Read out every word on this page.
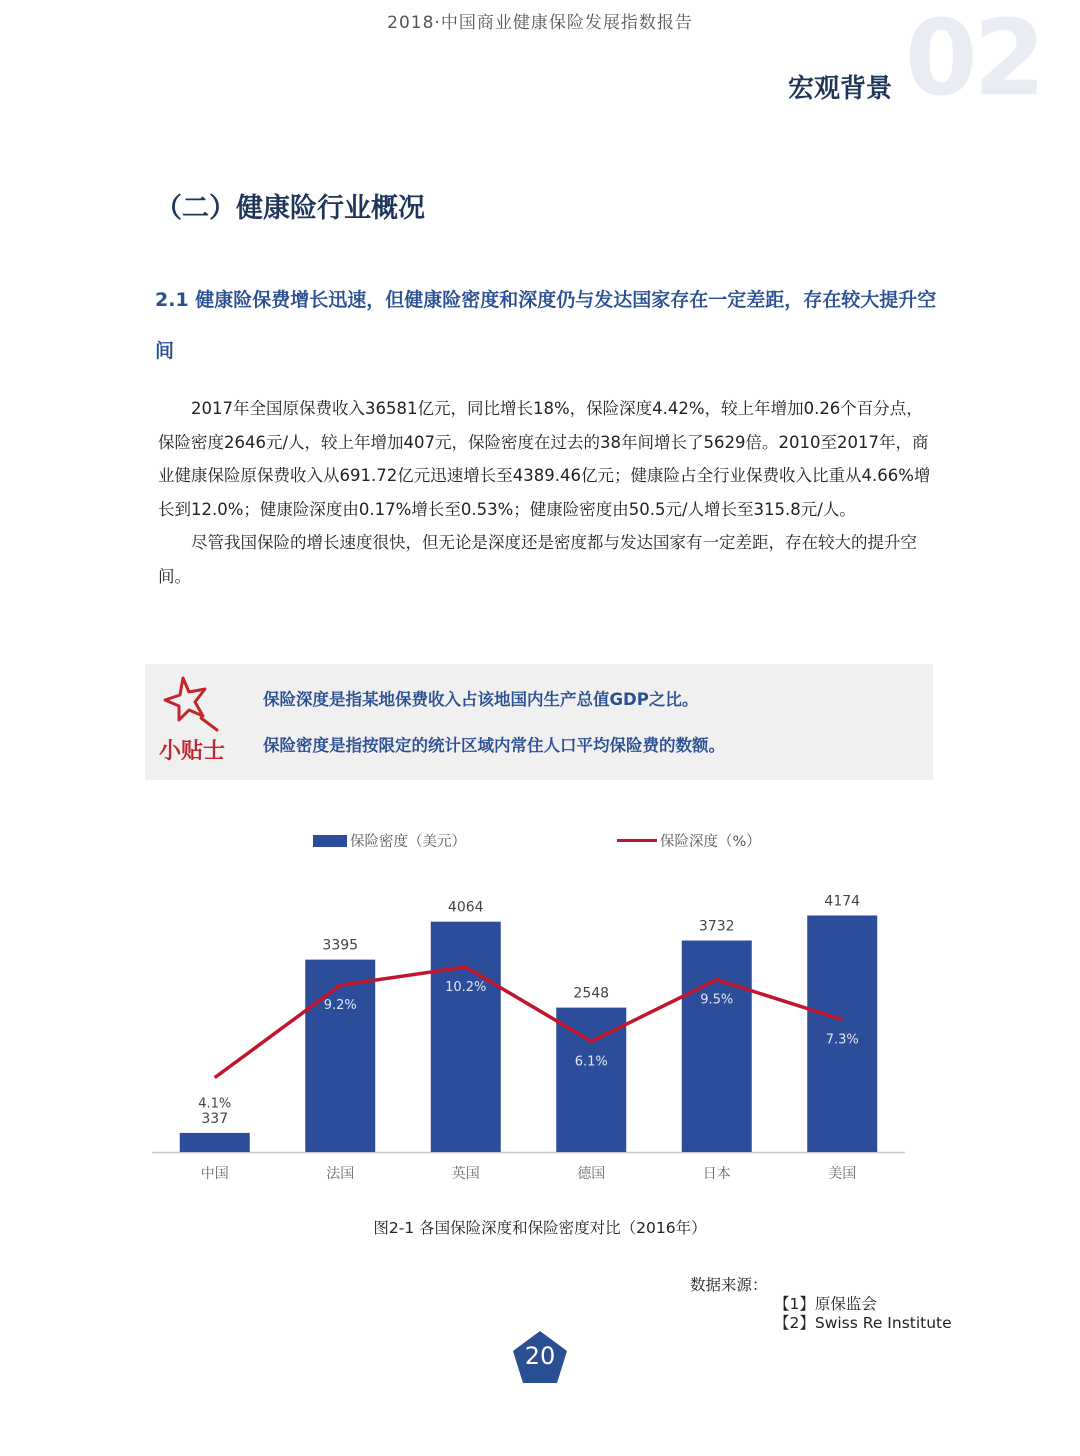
2018·中国商业健康保险发展指数报告	02
宏观背景
（二）健康险行业概况
2.1 健康险保费增长迅速，但健康险密度和深度仍与发达国家存在一定差距，存在较大提升空间

2017年全国原保费收入36581亿元，同比增长18%，保险深度4.42%，较上年增加0.26个百分点，保险密度2646元/人，较上年增加407元，保险密度在过去的38年间增长了5629倍。2010至2017年，商业健康保险原保费收入从691.72亿元迅速增长至4389.46亿元；健康险占全行业保费收入比重从4.66%增长到12.0%；健康险深度由0.17%增长至0.53%；健康险密度由50.5元/人增长至315.8元/人。

尽管我国保险的增长速度很快，但无论是深度还是密度都与发达国家有一定差距，存在较大的提升空间。

小贴士
保险深度是指某地保费收入占该地国内生产总值GDP之比。
保险密度是指按限定的统计区域内常住人口平均保险费的数额。
保险密度（美元）	保险深度（%）
337
中国
3395
法国
4064
英国
2548
德国
3732
日本
4174
美国
4.1%
9.2%
10.2%
6.1%
9.5%
7.3%
图2-1 各国保险深度和保险密度对比（2016年）
数据来源：
【1】原保监会
【2】Swiss Re Institute
20
